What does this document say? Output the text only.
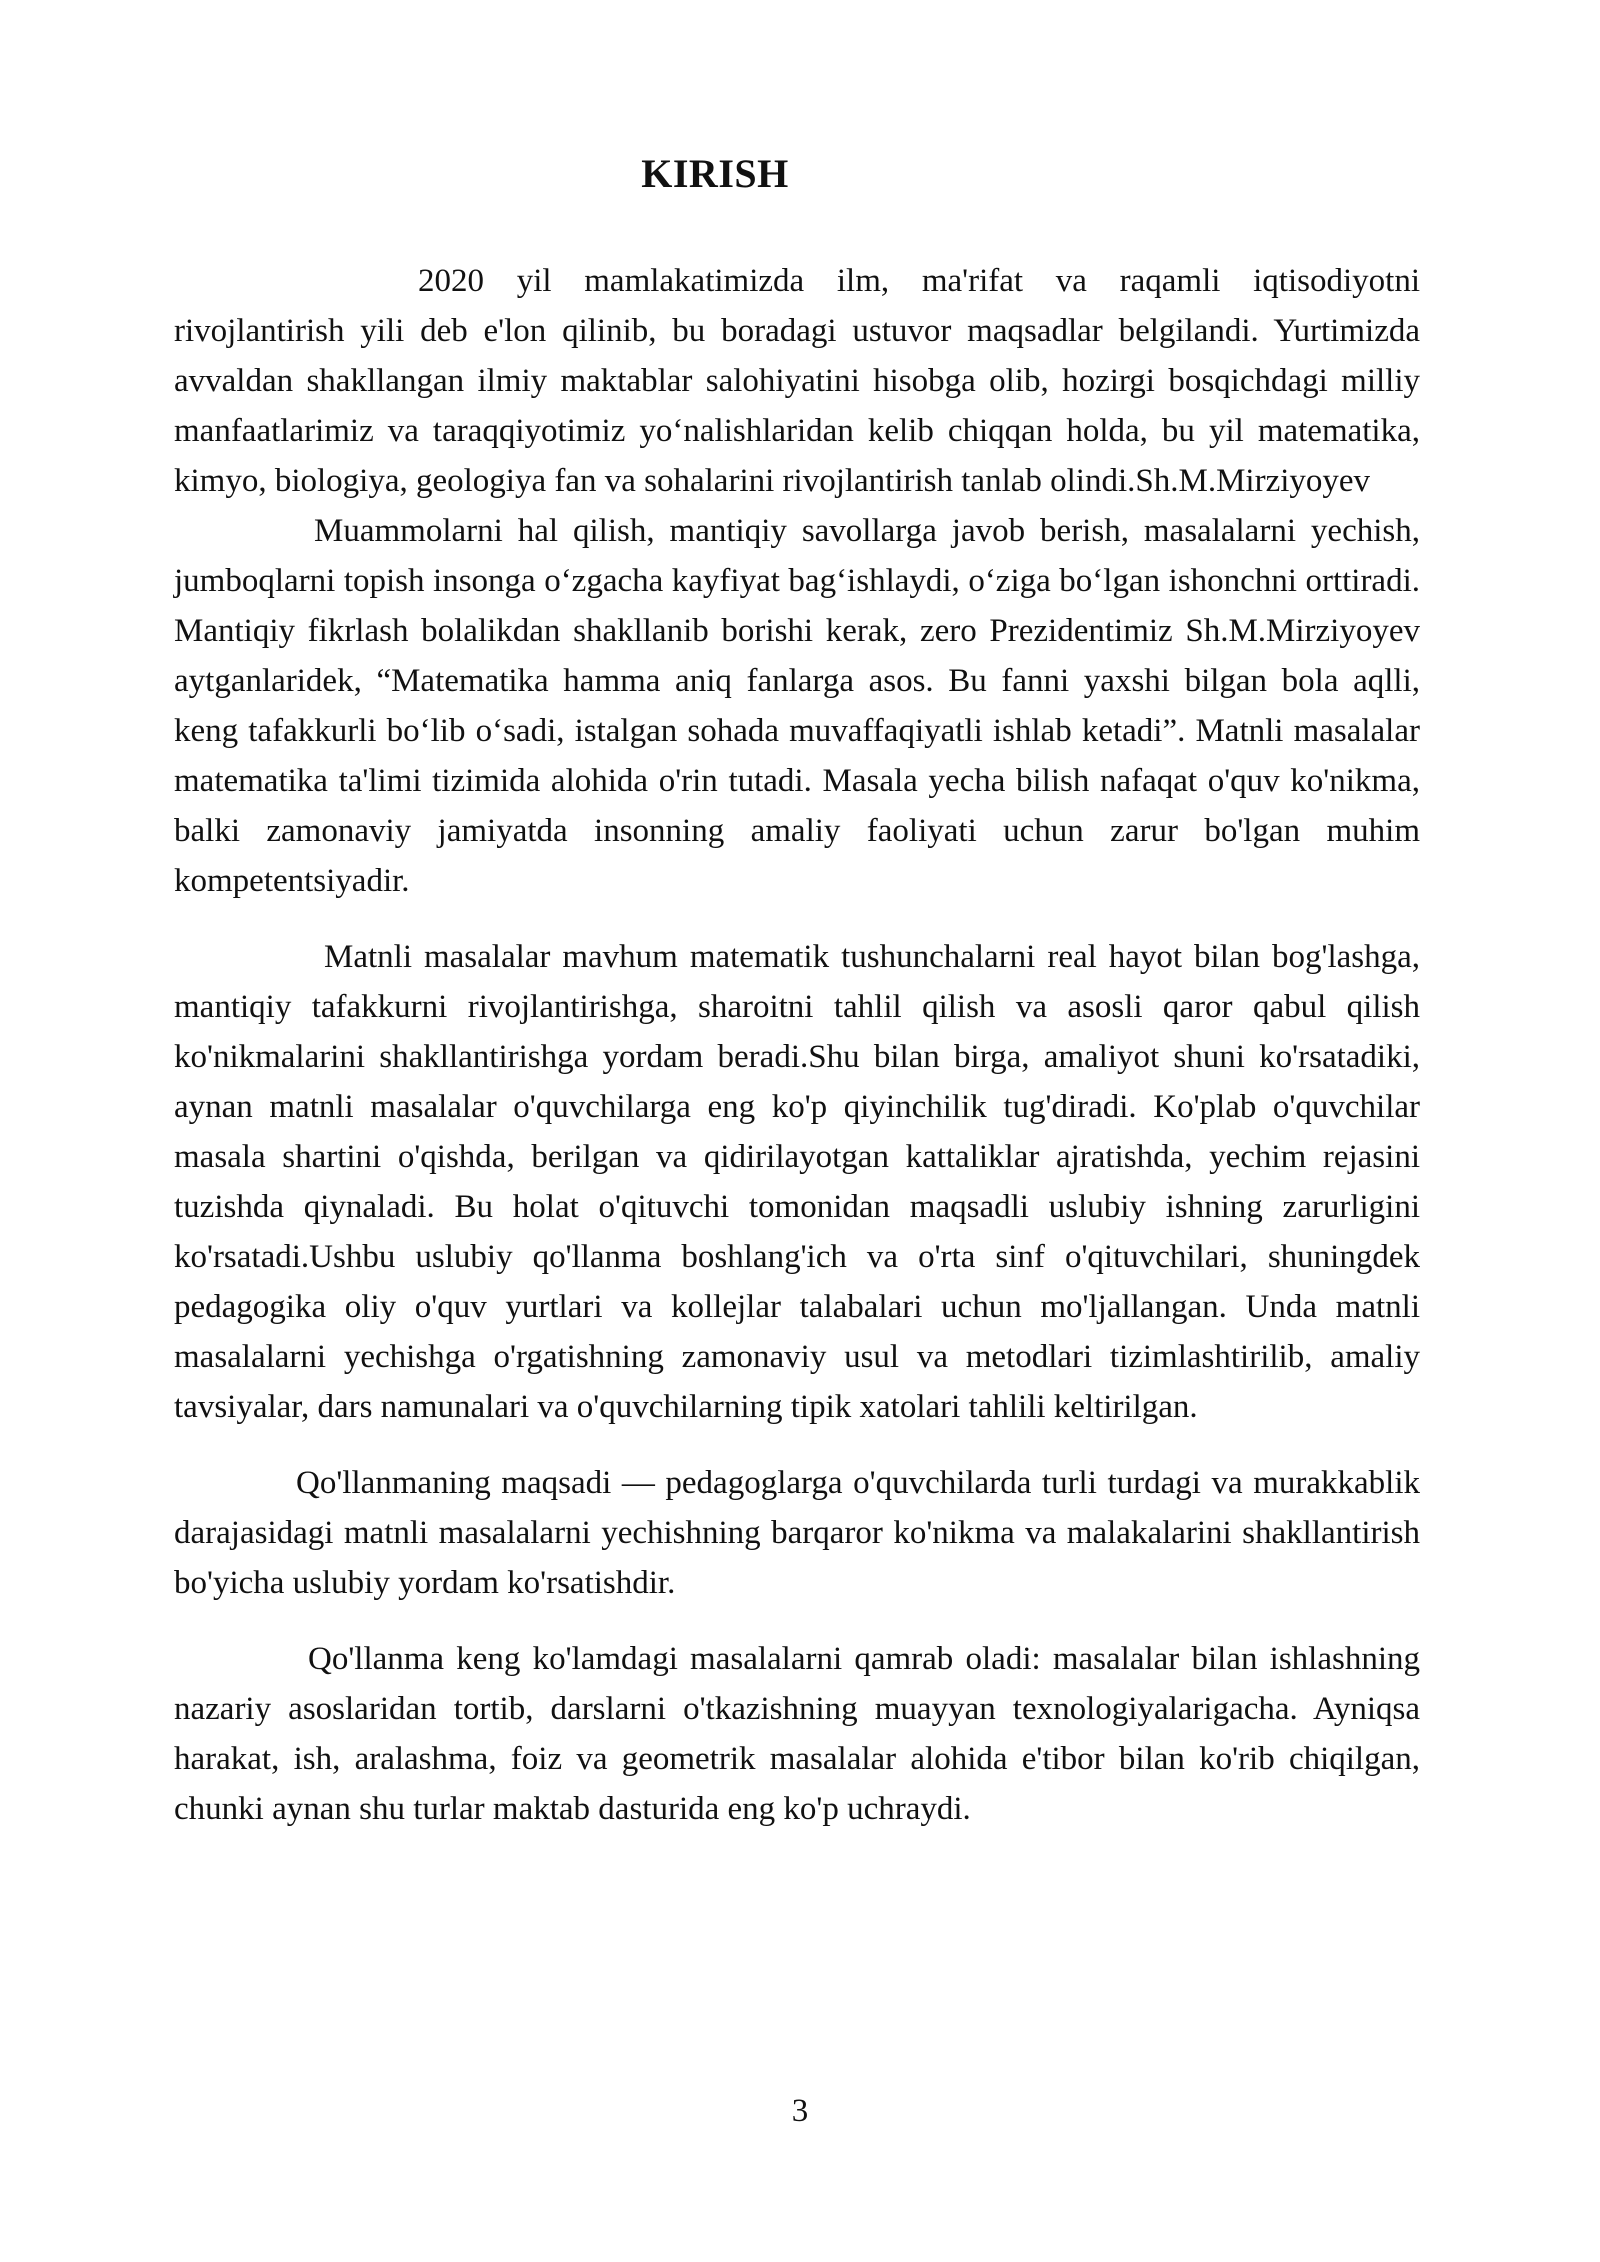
KIRISH

2020 yil mamlakatimizda ilm, ma'rifat va raqamli iqtisodiyotni rivojlantirish yili deb e'lon qilinib, bu boradagi ustuvor maqsadlar belgilandi. Yurtimizda avvaldan shakllangan ilmiy maktablar salohiyatini hisobga olib, hozirgi bosqichdagi milliy manfaatlarimiz va taraqqiyotimiz yo‘nalishlaridan kelib chiqqan holda, bu yil matematika, kimyo, biologiya, geologiya fan va sohalarini rivojlantirish tanlab olindi.Sh.M.Mirziyoyev

Muammolarni hal qilish, mantiqiy savollarga javob berish, masalalarni yechish, jumboqlarni topish insonga o‘zgacha kayfiyat bag‘ishlaydi, o‘ziga bo‘lgan ishonchni orttiradi. Mantiqiy fikrlash bolalikdan shakllanib borishi kerak, zero Prezidentimiz Sh.M.Mirziyoyev aytganlaridek, “Matematika hamma aniq fanlarga asos. Bu fanni yaxshi bilgan bola aqlli, keng tafakkurli bo‘lib o‘sadi, istalgan sohada muvaffaqiyatli ishlab ketadi”. Matnli masalalar matematika ta'limi tizimida alohida o'rin tutadi. Masala yecha bilish nafaqat o'quv ko'nikma, balki zamonaviy jamiyatda insonning amaliy faoliyati uchun zarur bo'lgan muhim kompetentsiyadir.

Matnli masalalar mavhum matematik tushunchalarni real hayot bilan bog'lashga, mantiqiy tafakkurni rivojlantirishga, sharoitni tahlil qilish va asosli qaror qabul qilish ko'nikmalarini shakllantirishga yordam beradi.Shu bilan birga, amaliyot shuni ko'rsatadiki, aynan matnli masalalar o'quvchilarga eng ko'p qiyinchilik tug'diradi. Ko'plab o'quvchilar masala shartini o'qishda, berilgan va qidirilayotgan kattaliklar ajratishda, yechim rejasini tuzishda qiynaladi. Bu holat o'qituvchi tomonidan maqsadli uslubiy ishning zarurligini ko'rsatadi.Ushbu uslubiy qo'llanma boshlang'ich va o'rta sinf o'qituvchilari, shuningdek pedagogika oliy o'quv yurtlari va kollejlar talabalari uchun mo'ljallangan. Unda matnli masalalarni yechishga o'rgatishning zamonaviy usul va metodlari tizimlashtirilib, amaliy tavsiyalar, dars namunalari va o'quvchilarning tipik xatolari tahlili keltirilgan.

Qo'llanmaning maqsadi — pedagoglarga o'quvchilarda turli turdagi va murakkablik darajasidagi matnli masalalarni yechishning barqaror ko'nikma va malakalarini shakllantirish bo'yicha uslubiy yordam ko'rsatishdir.

Qo'llanma keng ko'lamdagi masalalarni qamrab oladi: masalalar bilan ishlashning nazariy asoslaridan tortib, darslarni o'tkazishning muayyan texnologiyalarigacha. Ayniqsa harakat, ish, aralashma, foiz va geometrik masalalar alohida e'tibor bilan ko'rib chiqilgan, chunki aynan shu turlar maktab dasturida eng ko'p uchraydi.

3
